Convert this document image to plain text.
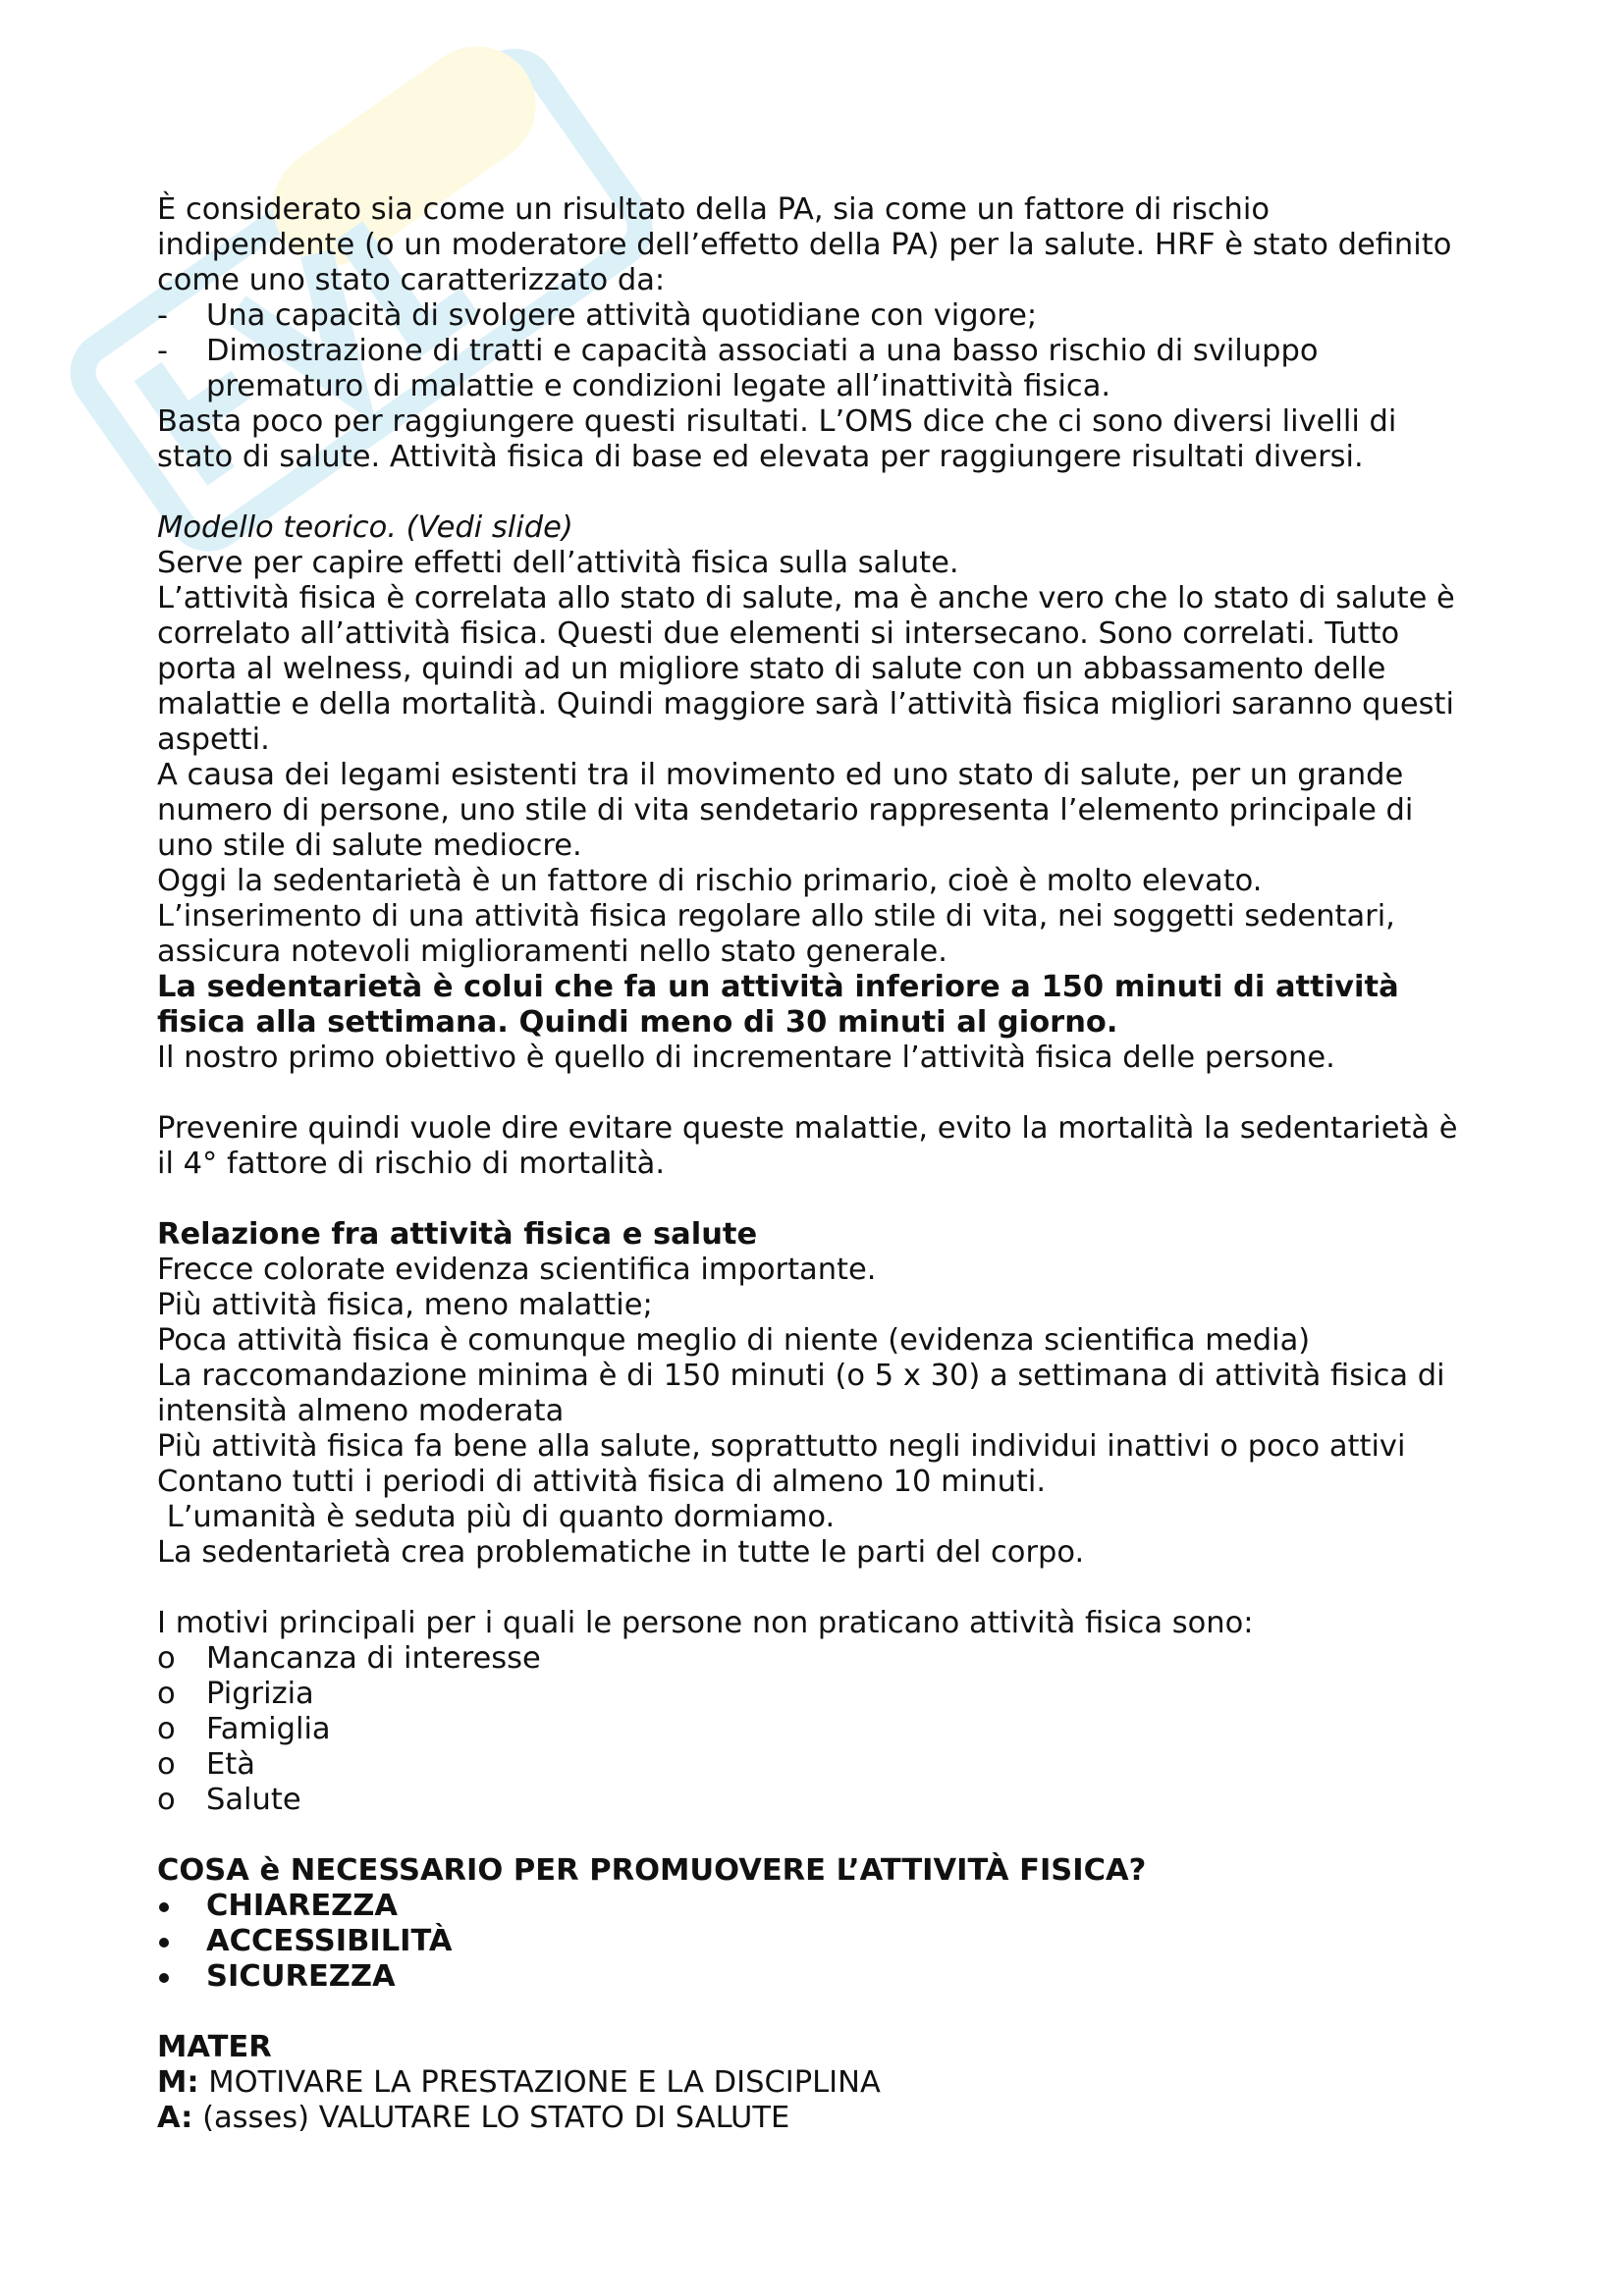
È considerato sia come un risultato della PA, sia come un fattore di rischio
indipendente (o un moderatore dell’effetto della PA) per la salute. HRF è stato definito
come uno stato caratterizzato da:
-	Una capacità di svolgere attività quotidiane con vigore;
-	Dimostrazione di tratti e capacità associati a una basso rischio di sviluppo
prematuro di malattie e condizioni legate all’inattività fisica.
Basta poco per raggiungere questi risultati. L’OMS dice che ci sono diversi livelli di
stato di salute. Attività fisica di base ed elevata per raggiungere risultati diversi.
Modello teorico. (Vedi slide)
Serve per capire effetti dell’attività fisica sulla salute.
L’attività fisica è correlata allo stato di salute, ma è anche vero che lo stato di salute è
correlato all’attività fisica. Questi due elementi si intersecano. Sono correlati. Tutto
porta al welness, quindi ad un migliore stato di salute con un abbassamento delle
malattie e della mortalità. Quindi maggiore sarà l’attività fisica migliori saranno questi
aspetti.
A causa dei legami esistenti tra il movimento ed uno stato di salute, per un grande
numero di persone, uno stile di vita sendetario rappresenta l’elemento principale di
uno stile di salute mediocre.
Oggi la sedentarietà è un fattore di rischio primario, cioè è molto elevato.
L’inserimento di una attività fisica regolare allo stile di vita, nei soggetti sedentari,
assicura notevoli miglioramenti nello stato generale.
La sedentarietà è colui che fa un attività inferiore a 150 minuti di attività
fisica alla settimana. Quindi meno di 30 minuti al giorno.
Il nostro primo obiettivo è quello di incrementare l’attività fisica delle persone.
Prevenire quindi vuole dire evitare queste malattie, evito la mortalità la sedentarietà è
il 4° fattore di rischio di mortalità.
Relazione fra attività fisica e salute
Frecce colorate evidenza scientifica importante.
Più attività fisica, meno malattie;
Poca attività fisica è comunque meglio di niente (evidenza scientifica media)
La raccomandazione minima è di 150 minuti (o 5 x 30) a settimana di attività fisica di
intensità almeno moderata
Più attività fisica fa bene alla salute, soprattutto negli individui inattivi o poco attivi
Contano tutti i periodi di attività fisica di almeno 10 minuti.
L’umanità è seduta più di quanto dormiamo.
La sedentarietà crea problematiche in tutte le parti del corpo.
I motivi principali per i quali le persone non praticano attività fisica sono:
o	Mancanza di interesse
o	Pigrizia
o	Famiglia
o	Età
o	Salute
COSA è NECESSARIO PER PROMUOVERE L’ATTIVITÀ FISICA?
CHIAREZZA
ACCESSIBILITÀ
SICUREZZA
MATER
M: MOTIVARE LA PRESTAZIONE E LA DISCIPLINA
A: (asses) VALUTARE LO STATO DI SALUTE
